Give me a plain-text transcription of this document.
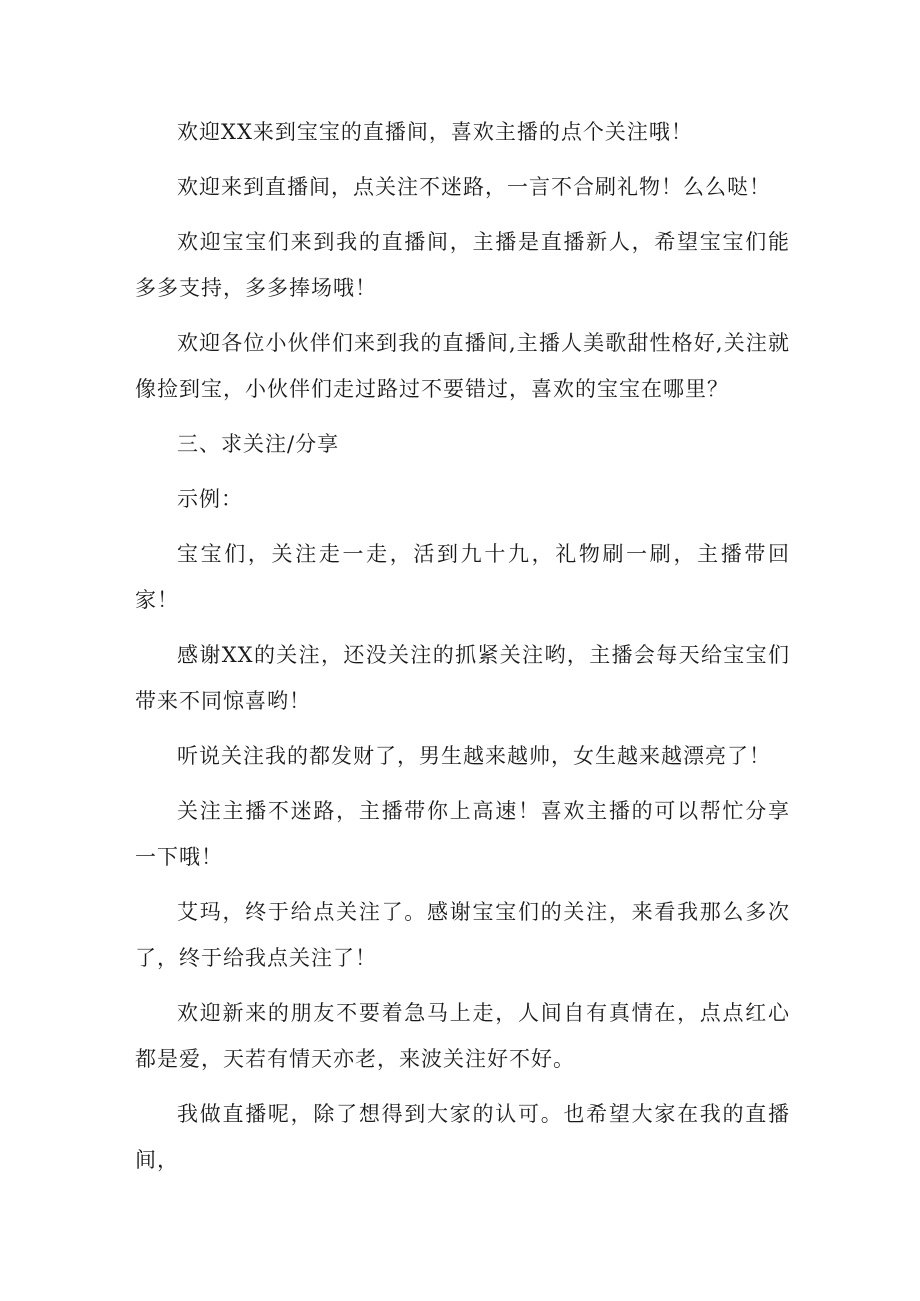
欢迎XX来到宝宝的直播间，喜欢主播的点个关注哦！

欢迎来到直播间，点关注不迷路，一言不合刷礼物！么么哒！

欢迎宝宝们来到我的直播间，主播是直播新人，希望宝宝们能多多支持，多多捧场哦！

欢迎各位小伙伴们来到我的直播间,主播人美歌甜性格好,关注就像捡到宝，小伙伴们走过路过不要错过，喜欢的宝宝在哪里？

三、求关注/分享

示例：

宝宝们，关注走一走，活到九十九，礼物刷一刷，主播带回家！

感谢XX的关注，还没关注的抓紧关注哟，主播会每天给宝宝们带来不同惊喜哟！

听说关注我的都发财了，男生越来越帅，女生越来越漂亮了！

关注主播不迷路，主播带你上高速！喜欢主播的可以帮忙分享一下哦！

艾玛，终于给点关注了。感谢宝宝们的关注，来看我那么多次了，终于给我点关注了！

欢迎新来的朋友不要着急马上走，人间自有真情在，点点红心都是爱，天若有情天亦老，来波关注好不好。

我做直播呢，除了想得到大家的认可。也希望大家在我的直播间，
